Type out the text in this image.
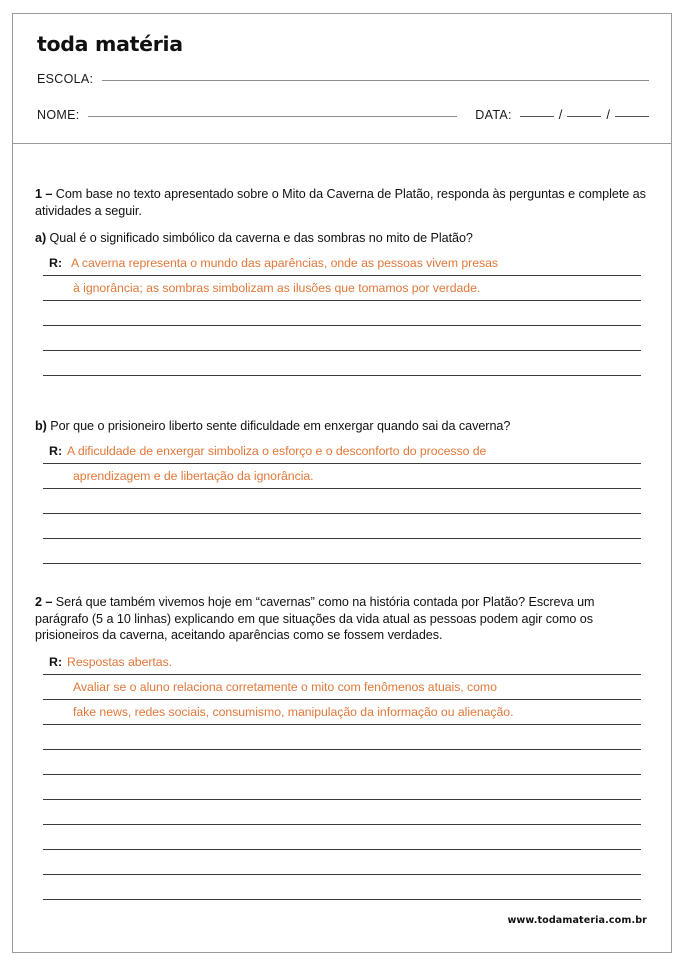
toda matéria
ESCOLA:
NOME:	DATA:	/	/
1 – Com base no texto apresentado sobre o Mito da Caverna de Platão, responda às perguntas e complete as atividades a seguir.
a) Qual é o significado simbólico da caverna e das sombras no mito de Platão?
R: A caverna representa o mundo das aparências, onde as pessoas vivem presas
à ignorância; as sombras simbolizam as ilusões que tomamos por verdade.
b) Por que o prisioneiro liberto sente dificuldade em enxergar quando sai da caverna?
R: A dificuldade de enxergar simboliza o esforço e o desconforto do processo de
aprendizagem e de libertação da ignorância.
2 – Será que também vivemos hoje em “cavernas” como na história contada por Platão? Escreva um parágrafo (5 a 10 linhas) explicando em que situações da vida atual as pessoas podem agir como os prisioneiros da caverna, aceitando aparências como se fossem verdades.
R: Respostas abertas.
Avaliar se o aluno relaciona corretamente o mito com fenômenos atuais, como
fake news, redes sociais, consumismo, manipulação da informação ou alienação.
www.todamateria.com.br
